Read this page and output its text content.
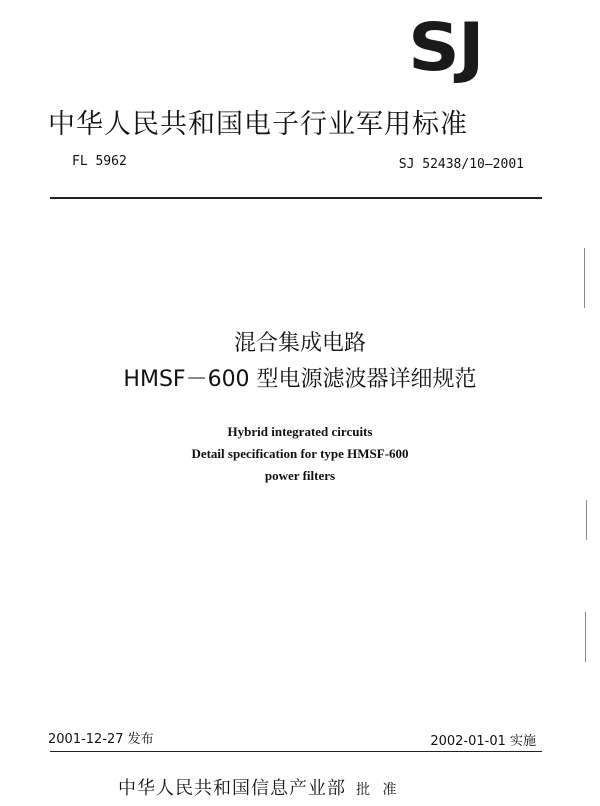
SJ
中华人民共和国电子行业军用标准
FL 5962	SJ 52438/10—2001
混合集成电路
HMSF－600 型电源滤波器详细规范
Hybrid integrated circuits
Detail specification for type HMSF-600
power filters
2001-12-27 发布	2002-01-01 实施
中华人民共和国信息产业部 批 准
